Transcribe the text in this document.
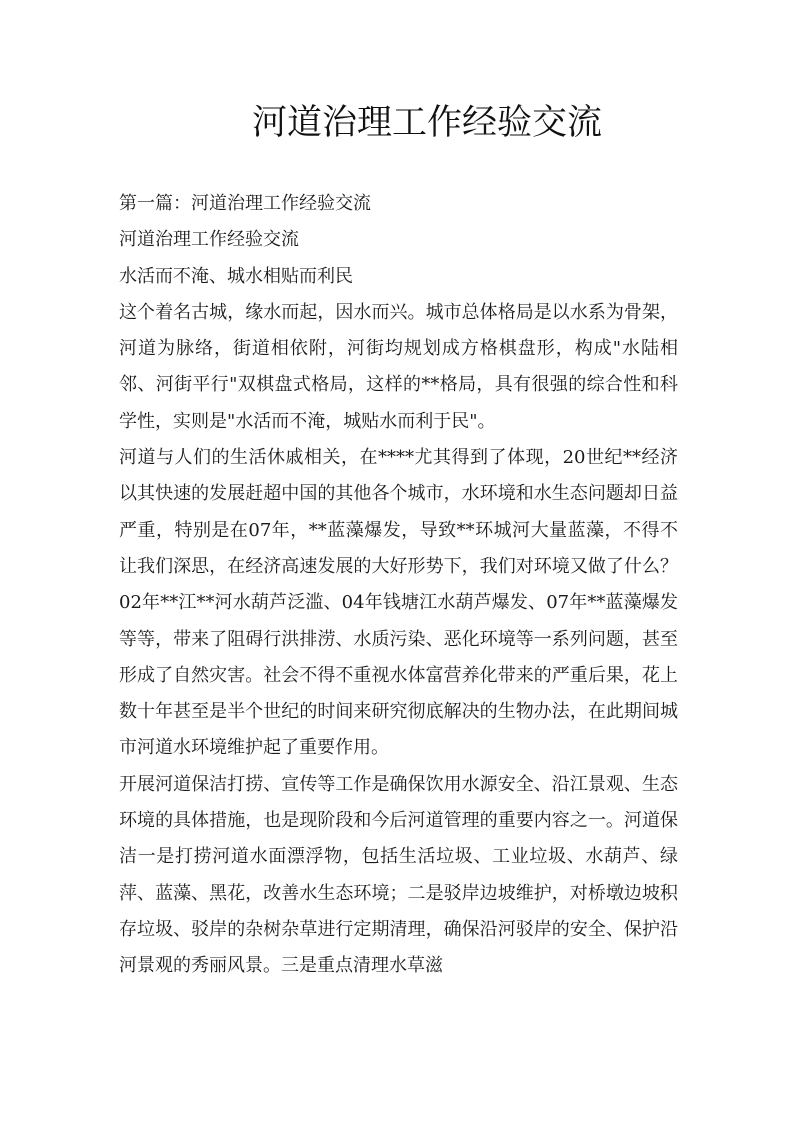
河道治理工作经验交流

第一篇：河道治理工作经验交流

河道治理工作经验交流

水活而不淹、城水相贴而利民

这个着名古城，缘水而起，因水而兴。城市总体格局是以水系为骨架，河道为脉络，街道相依附，河街均规划成方格棋盘形，构成"水陆相邻、河街平行"双棋盘式格局，这样的**格局，具有很强的综合性和科学性，实则是"水活而不淹，城贴水而利于民"。

河道与人们的生活休戚相关，在****尤其得到了体现，20世纪**经济以其快速的发展赶超中国的其他各个城市，水环境和水生态问题却日益严重，特别是在07年，**蓝藻爆发，导致**环城河大量蓝藻，不得不让我们深思，在经济高速发展的大好形势下，我们对环境又做了什么？02年**江**河水葫芦泛滥、04年钱塘江水葫芦爆发、07年**蓝藻爆发等等，带来了阻碍行洪排涝、水质污染、恶化环境等一系列问题，甚至形成了自然灾害。社会不得不重视水体富营养化带来的严重后果，花上数十年甚至是半个世纪的时间来研究彻底解决的生物办法，在此期间城市河道水环境维护起了重要作用。

开展河道保洁打捞、宣传等工作是确保饮用水源安全、沿江景观、生态环境的具体措施，也是现阶段和今后河道管理的重要内容之一。河道保洁一是打捞河道水面漂浮物，包括生活垃圾、工业垃圾、水葫芦、绿萍、蓝藻、黑花，改善水生态环境；二是驳岸边坡维护，对桥墩边坡积存垃圾、驳岸的杂树杂草进行定期清理，确保沿河驳岸的安全、保护沿河景观的秀丽风景。三是重点清理水草滋
